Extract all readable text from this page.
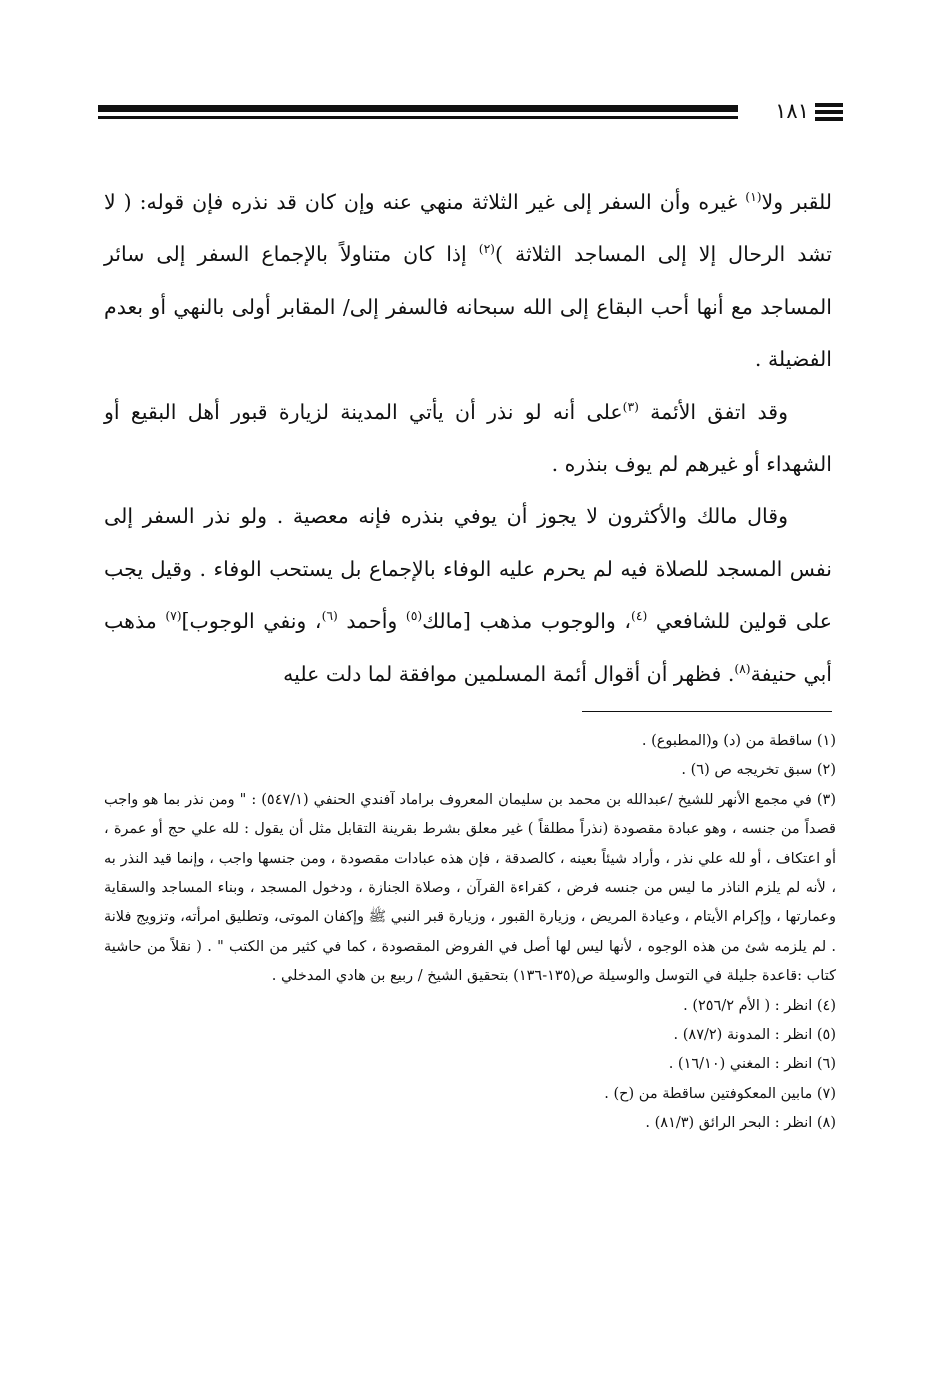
١٨١

للقبر ولا$^{(١)}$ غيره وأن السفر إلى غير الثلاثة منهي عنه وإن كان قد نذره فإن قوله: ( لا تشد الرحال إلا إلى المساجد الثلاثة )$^{(٢)}$ إذا كان متناولاً بالإجماع السفر إلى سائر المساجد مع أنها أحب البقاع إلى الله سبحانه فالسفر إلى/ المقابر أولى بالنهي أو بعدم الفضيلة .

وقد اتفق الأئمة $^{(٣)}$على أنه لو نذر أن يأتي المدينة لزيارة قبور أهل البقيع أو الشهداء أو غيرهم لم يوف بنذره .

وقال مالك والأكثرون لا يجوز أن يوفي بنذره فإنه معصية . ولو نذر السفر إلى نفس المسجد للصلاة فيه لم يحرم عليه الوفاء بالإجماع بل يستحب الوفاء . وقيل يجب على قولين للشافعي $^{(٤)}$، والوجوب مذهب [مالك$^{(٥)}$ وأحمد $^{(٦)}$، ونفي الوجوب]$^{(٧)}$ مذهب أبي حنيفة$^{(٨)}$. فظهر أن أقوال أئمة المسلمين موافقة لما دلت عليه

(١) ساقطة من (د) و(المطبوع) .

(٢) سبق تخريجه ص (٦) .

(٣) في مجمع الأنهر للشيخ /عبدالله بن محمد بن سليمان المعروف براماد آفندي الحنفي (٥٤٧/١) : " ومن نذر بما هو واجب قصداً من جنسه ، وهو عبادة مقصودة (نذراً مطلقاً ) غير معلق بشرط بقرينة التقابل مثل أن يقول : لله علي حج أو عمرة ، أو اعتكاف ، أو لله علي نذر ، وأراد شيئاً بعينه ، كالصدقة ، فإن هذه عبادات مقصودة ، ومن جنسها واجب ، وإنما قيد النذر به ، لأنه لم يلزم الناذر ما ليس من جنسه فرض ، كقراءة القرآن ، وصلاة الجنازة ، ودخول المسجد ، وبناء المساجد والسقاية وعمارتها ، وإكرام الأيتام ، وعيادة المريض ، وزيارة القبور ، وزيارة قبر النبي ﷺ وإكفان الموتى، وتطليق امرأته، وتزويج فلانة . لم يلزمه شئ من هذه الوجوه ، لأنها ليس لها أصل في الفروض المقصودة ، كما في كثير من الكتب " . ( نقلاً من حاشية كتاب :قاعدة جليلة في التوسل والوسيلة ص(١٣٥-١٣٦) بتحقيق الشيخ / ربيع بن هادي المدخلي .

(٤) انظر : ( الأم ٢٥٦/٢) .

(٥) انظر : المدونة (٨٧/٢) .

(٦) انظر : المغني (١٦/١٠) .

(٧) مابين المعكوفتين ساقطة من (ح) .

(٨) انظر : البحر الرائق (٨١/٣) .
